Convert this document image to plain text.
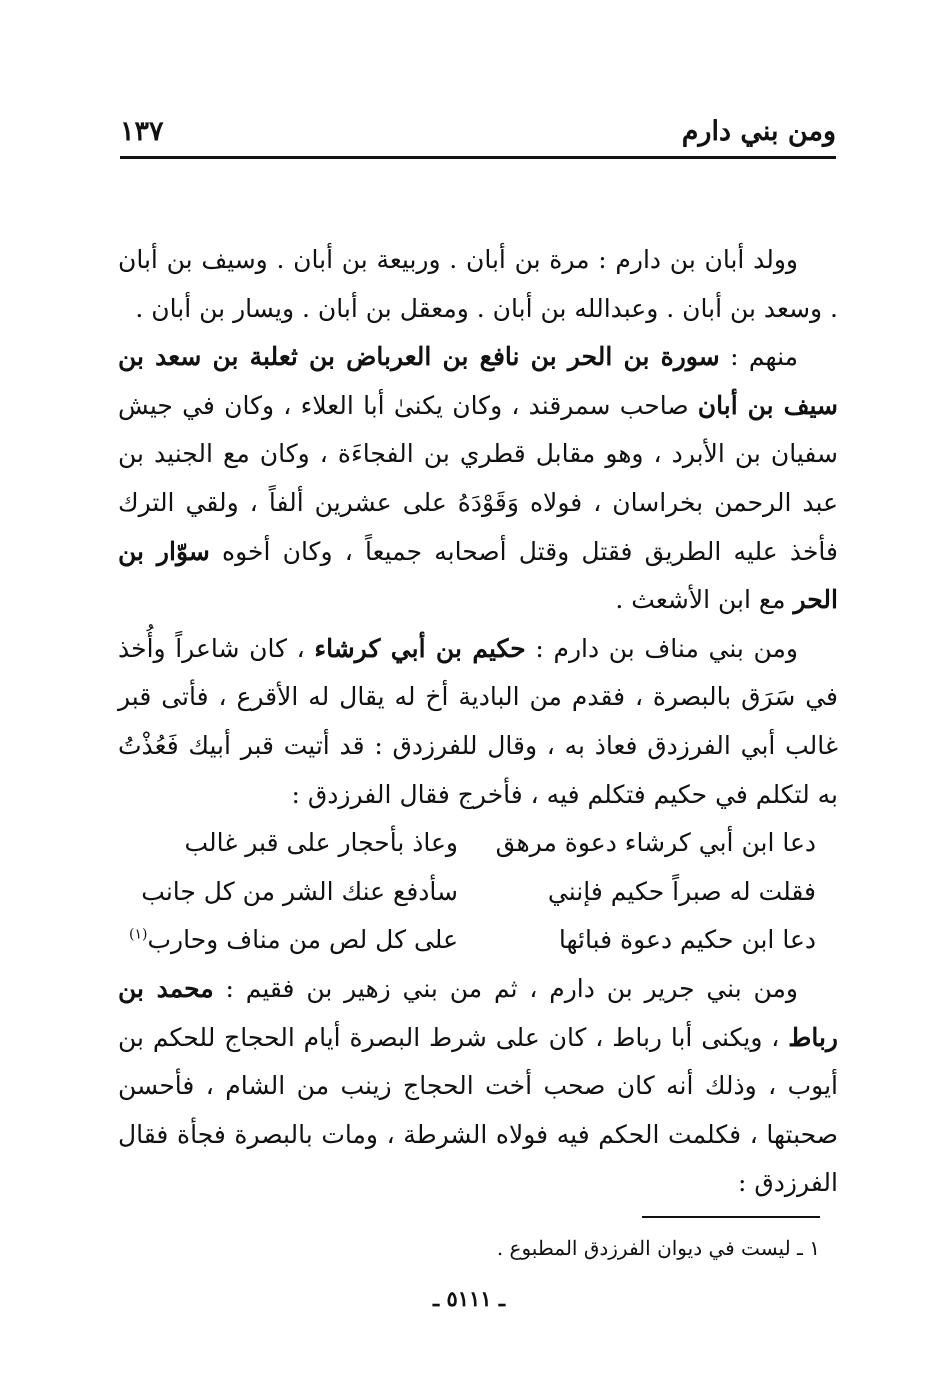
ومن بني دارم
١٣٧

وولد أبان بن دارم : مرة بن أبان . وربيعة بن أبان . وسيف بن أبان . وسعد بن أبان . وعبدالله بن أبان . ومعقل بن أبان . ويسار بن أبان .

منهم : سورة بن الحر بن نافع بن العرباض بن ثعلبة بن سعد بن سيف بن أبان صاحب سمرقند ، وكان يكنىٰ أبا العلاء ، وكان في جيش سفيان بن الأبرد ، وهو مقابل قطري بن الفجاءَة ، وكان مع الجنيد بن عبد الرحمن بخراسان ، فولاه وَقَوْدَهُ على عشرين ألفاً ، ولقي الترك فأخذ عليه الطريق فقتل وقتل أصحابه جميعاً ، وكان أخوه سوّار بن الحر مع ابن الأشعث .

ومن بني مناف بن دارم : حكيم بن أبي كرشاء ، كان شاعراً وأُخذ في سَرَق بالبصرة ، فقدم من البادية أخ له يقال له الأقرع ، فأتى قبر غالب أبي الفرزدق فعاذ به ، وقال للفرزدق : قد أتيت قبر أبيك فَعُذْتُ به لتكلم في حكيم فتكلم فيه ، فأخرج فقال الفرزدق :

دعا ابن أبي كرشاء دعوة مرهق
وعاذ بأحجار على قبر غالب
فقلت له صبراً حكيم فإنني
سأدفع عنك الشر من كل جانب
دعا ابن حكيم دعوة فبائها
على كل لص من مناف وحارب$^{(١)}$

ومن بني جرير بن دارم ، ثم من بني زهير بن فقيم : محمد بن رباط ، ويكنى أبا رباط ، كان على شرط البصرة أيام الحجاج للحكم بن أيوب ، وذلك أنه كان صحب أخت الحجاج زينب من الشام ، فأحسن صحبتها ، فكلمت الحكم فيه فولاه الشرطة ، ومات بالبصرة فجأة فقال الفرزدق :

١ ـ ليست في ديوان الفرزدق المطبوع .
ـ ٥١١١ ـ
